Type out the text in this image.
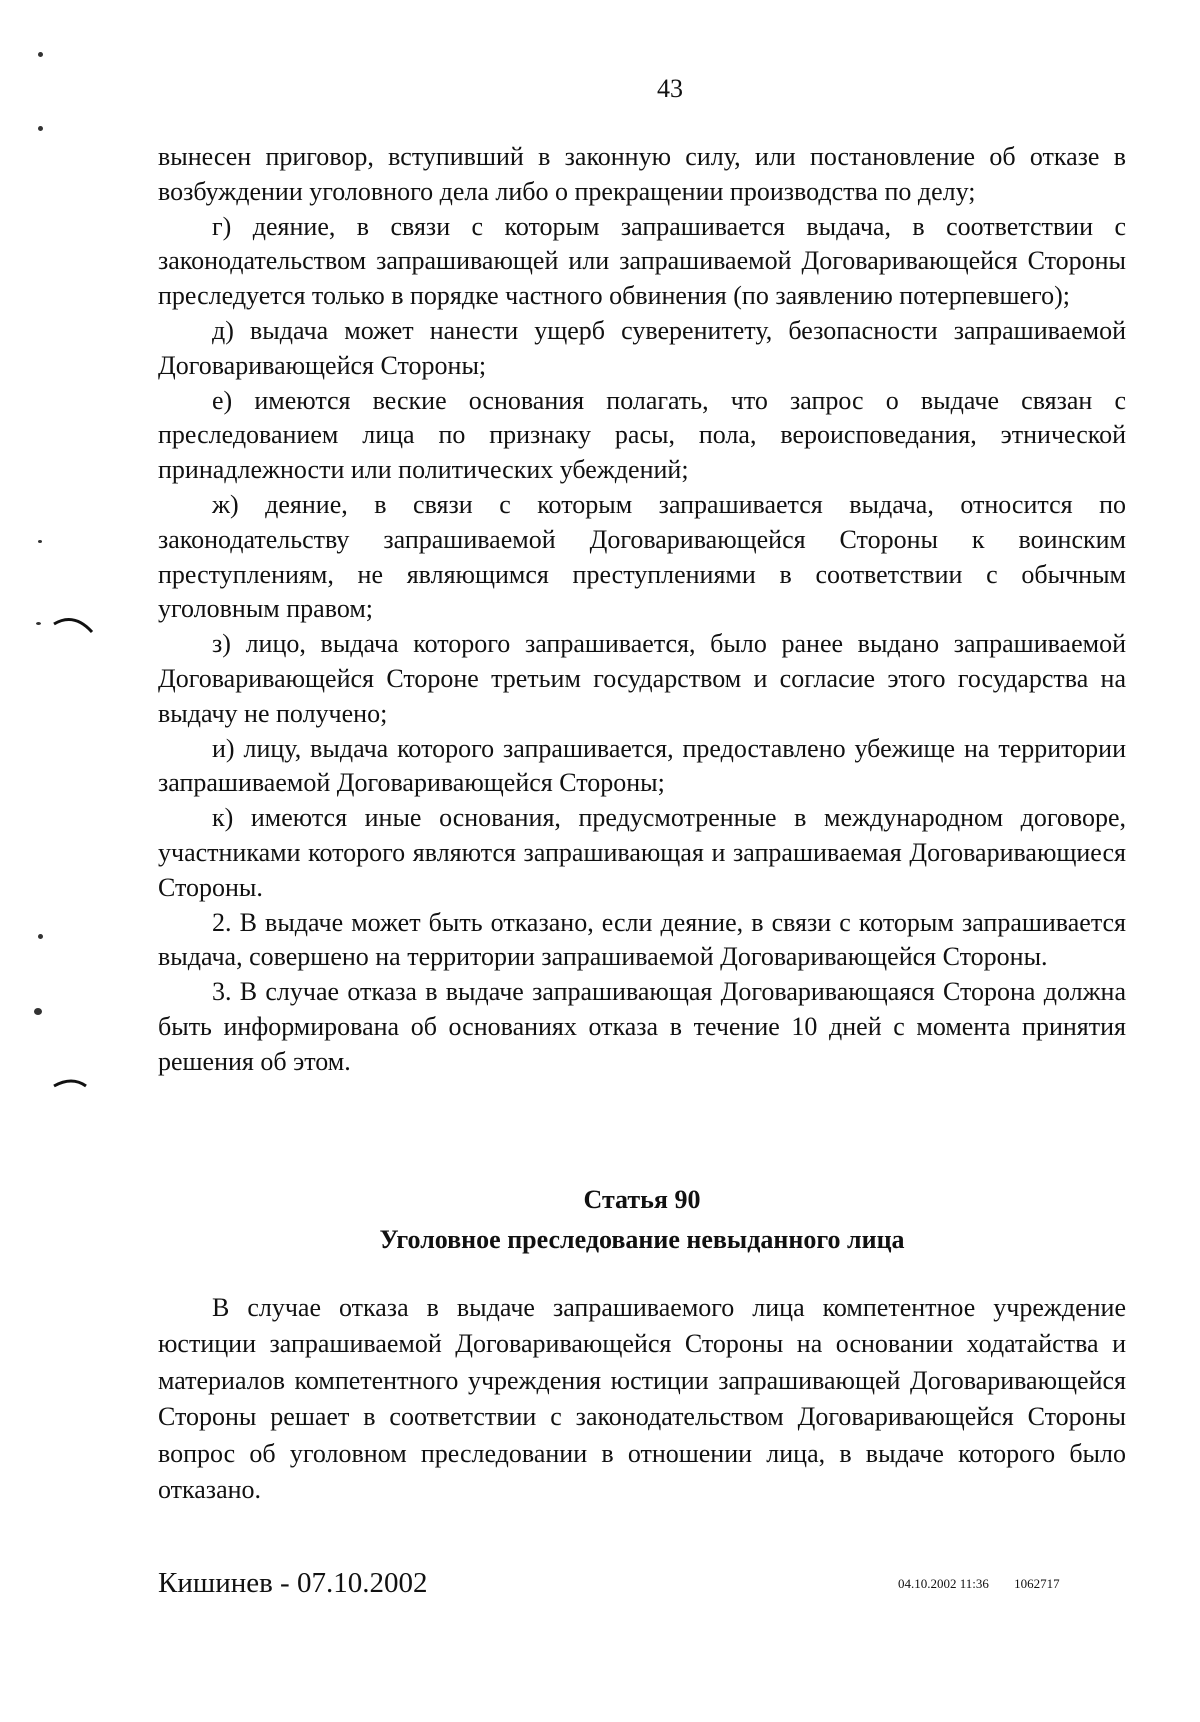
43

вынесен приговор, вступивший в законную силу, или постановление об отказе в возбуждении уголовного дела либо о прекращении производства по делу;

г) деяние, в связи с которым запрашивается выдача, в соответствии с законодательством запрашивающей или запрашиваемой Договаривающейся Стороны преследуется только в порядке частного обвинения (по заявлению потерпевшего);

д) выдача может нанести ущерб суверенитету, безопасности запрашиваемой Договаривающейся Стороны;

е) имеются веские основания полагать, что запрос о выдаче связан с преследованием лица по признаку расы, пола, вероисповедания, этнической принадлежности или политических убеждений;

ж) деяние, в связи с которым запрашивается выдача, относится по законодательству запрашиваемой Договаривающейся Стороны к воинским преступлениям, не являющимся преступлениями в соответствии с обычным уголовным правом;

з) лицо, выдача которого запрашивается, было ранее выдано запрашиваемой Договаривающейся Стороне третьим государством и согласие этого государства на выдачу не получено;

и) лицу, выдача которого запрашивается, предоставлено убежище на территории запрашиваемой Договаривающейся Стороны;

к) имеются иные основания, предусмотренные в международном договоре, участниками которого являются запрашивающая и запрашиваемая Договаривающиеся Стороны.

2. В выдаче может быть отказано, если деяние, в связи с которым запрашивается выдача, совершено на территории запрашиваемой Договаривающейся Стороны.

3. В случае отказа в выдаче запрашивающая Договаривающаяся Сторона должна быть информирована об основаниях отказа в течение 10 дней с момента принятия решения об этом.

Статья 90

Уголовное преследование невыданного лица

В случае отказа в выдаче запрашиваемого лица компетентное учреждение юстиции запрашиваемой Договаривающейся Стороны на основании ходатайства и материалов компетентного учреждения юстиции запрашивающей Договаривающейся Стороны решает в соответствии с законодательством Договаривающейся Стороны вопрос об уголовном преследовании в отношении лица, в выдаче которого было отказано.

Кишинев - 07.10.2002	04.10.2002 11:36 1062717
